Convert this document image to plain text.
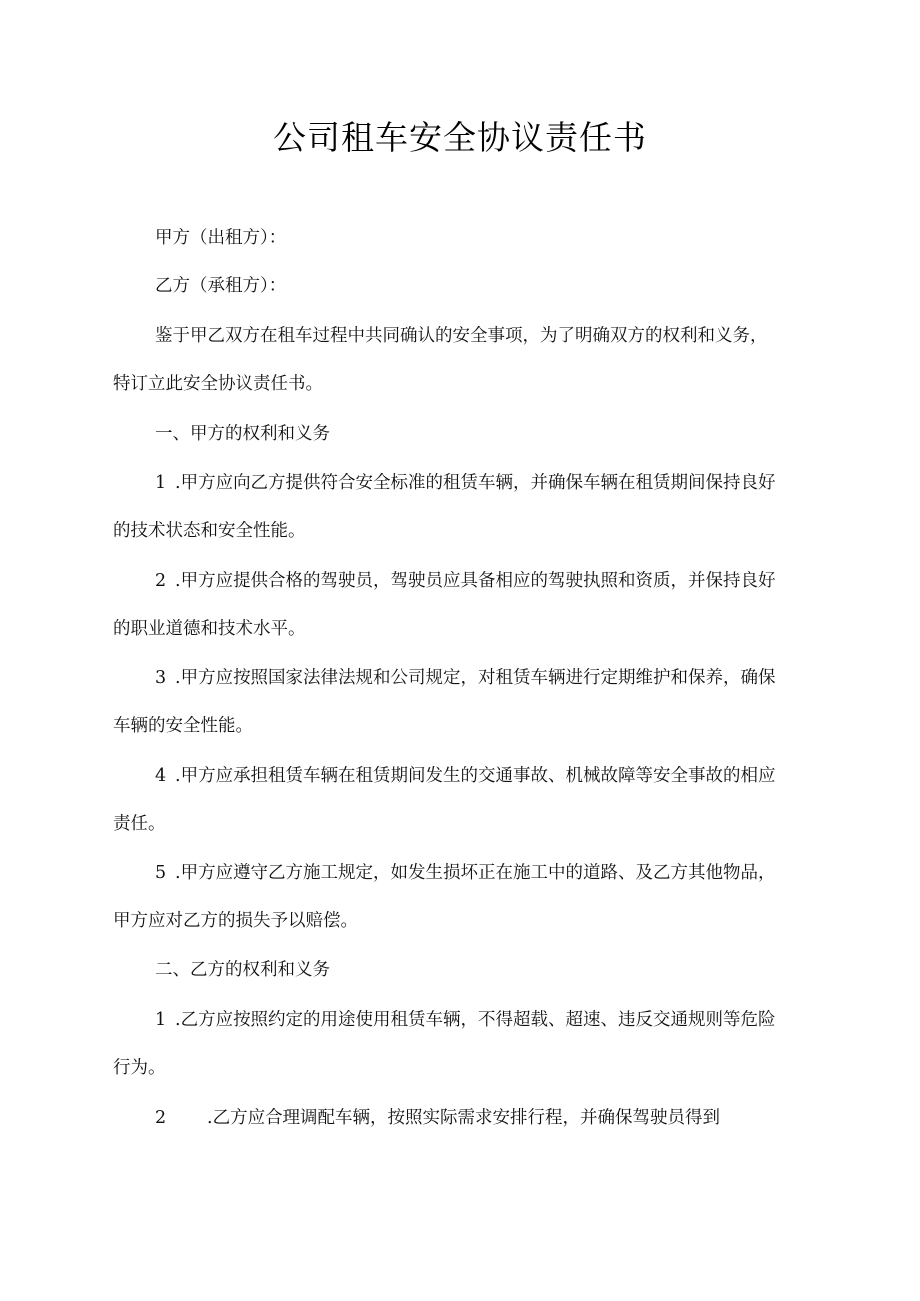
公司租车安全协议责任书

甲方（出租方）：

乙方（承租方）：

鉴于甲乙双方在租车过程中共同确认的安全事项，为了明确双方的权利和义务，

特订立此安全协议责任书。

一、甲方的权利和义务

1 .甲方应向乙方提供符合安全标准的租赁车辆，并确保车辆在租赁期间保持良好

的技术状态和安全性能。

2 .甲方应提供合格的驾驶员，驾驶员应具备相应的驾驶执照和资质，并保持良好

的职业道德和技术水平。

3 .甲方应按照国家法律法规和公司规定，对租赁车辆进行定期维护和保养，确保

车辆的安全性能。

4 .甲方应承担租赁车辆在租赁期间发生的交通事故、机械故障等安全事故的相应

责任。

5 .甲方应遵守乙方施工规定，如发生损坏正在施工中的道路、及乙方其他物品，

甲方应对乙方的损失予以赔偿。

二、乙方的权利和义务

1 .乙方应按照约定的用途使用租赁车辆，不得超载、超速、违反交通规则等危险

行为。

2 .乙方应合理调配车辆，按照实际需求安排行程，并确保驾驶员得到
